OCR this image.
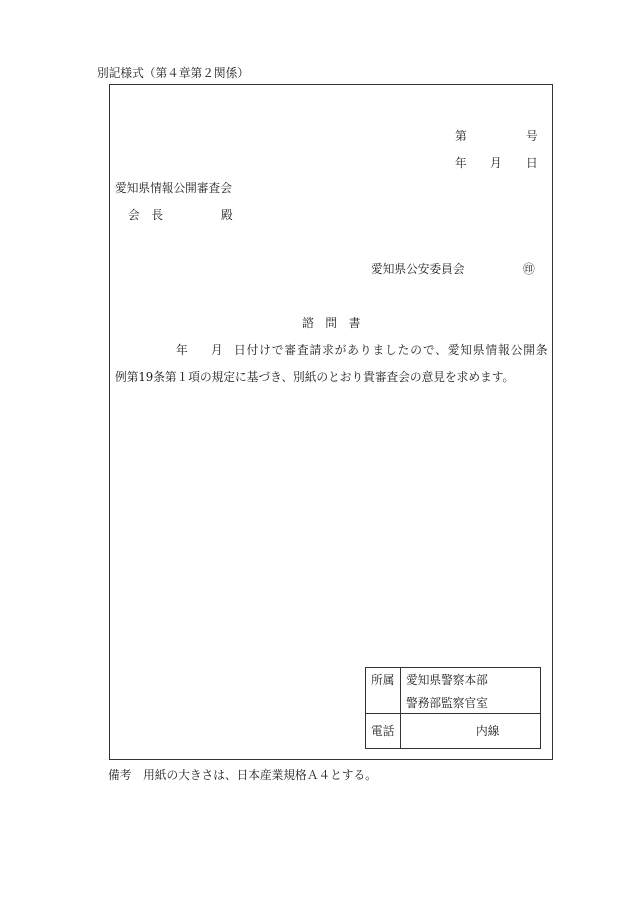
別記様式（第４章第２関係）
第	号
年 月 日
愛知県情報公開審査会
会　長	殿
愛知県公安委員会	㊞
諮　問　書
年 月 日付けで審査請求がありましたので、愛知県情報公開条
例第19条第１項の規定に基づき、別紙のとおり貴審査会の意見を求めます。
所属 愛知県警察本部
警務部監察官室
電話	内線
備考　用紙の大きさは、日本産業規格Ａ４とする。
